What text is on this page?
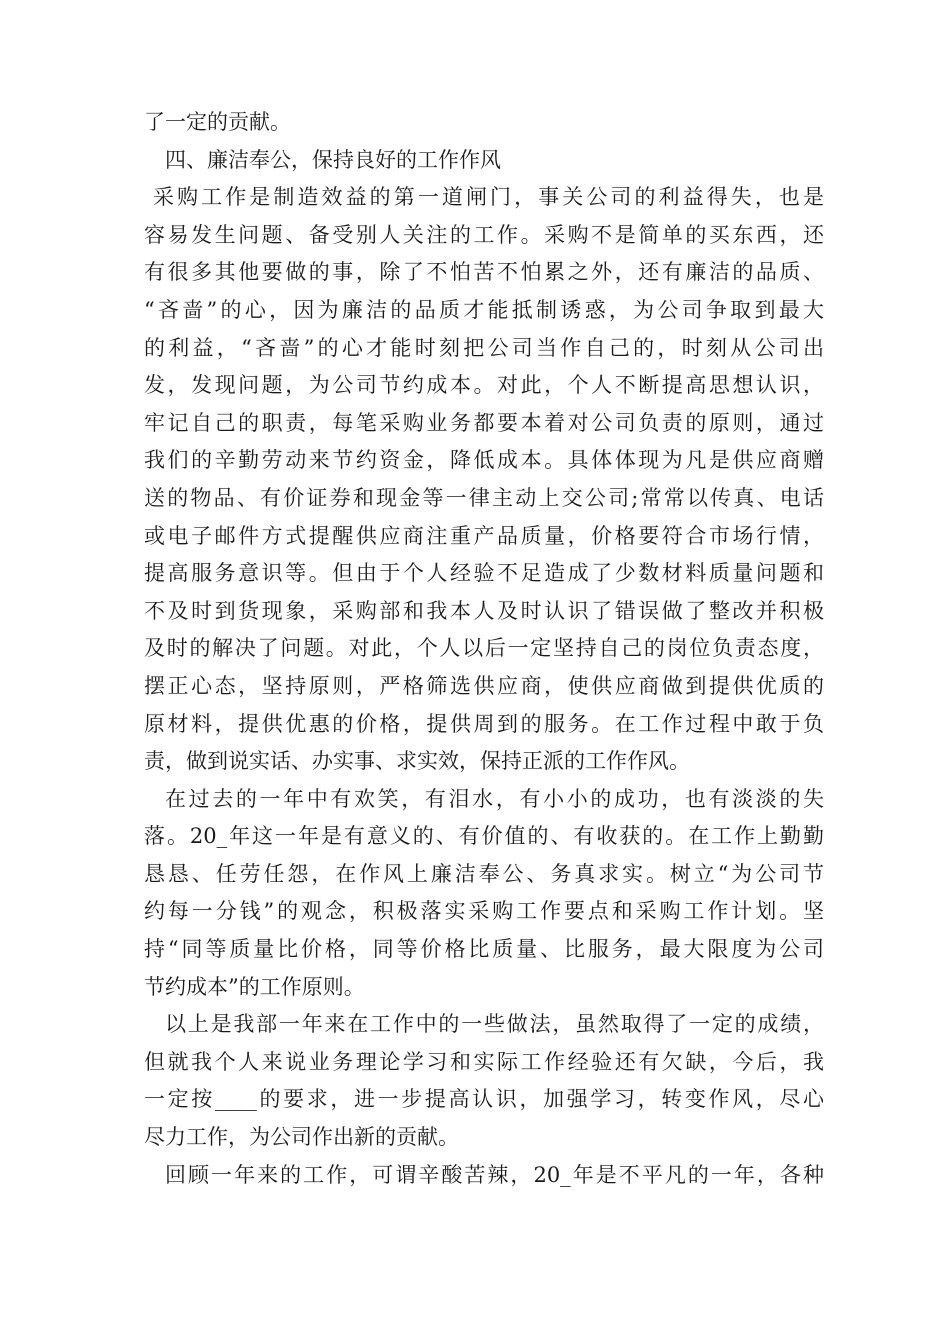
了一定的贡献。
四、廉洁奉公，保持良好的工作作风
采购工作是制造效益的第一道闸门，事关公司的利益得失，也是
容易发生问题、备受别人关注的工作。采购不是简单的买东西，还
有很多其他要做的事，除了不怕苦不怕累之外，还有廉洁的品质、
“吝啬”的心，因为廉洁的品质才能抵制诱惑，为公司争取到最大
的利益，“吝啬”的心才能时刻把公司当作自己的，时刻从公司出
发，发现问题，为公司节约成本。对此，个人不断提高思想认识，
牢记自己的职责，每笔采购业务都要本着对公司负责的原则，通过
我们的辛勤劳动来节约资金，降低成本。具体体现为凡是供应商赠
送的物品、有价证券和现金等一律主动上交公司;常常以传真、电话
或电子邮件方式提醒供应商注重产品质量，价格要符合市场行情，
提高服务意识等。但由于个人经验不足造成了少数材料质量问题和
不及时到货现象，采购部和我本人及时认识了错误做了整改并积极
及时的解决了问题。对此，个人以后一定坚持自己的岗位负责态度，
摆正心态，坚持原则，严格筛选供应商，使供应商做到提供优质的
原材料，提供优惠的价格，提供周到的服务。在工作过程中敢于负
责，做到说实话、办实事、求实效，保持正派的工作作风。
在过去的一年中有欢笑，有泪水，有小小的成功，也有淡淡的失
落。20_年这一年是有意义的、有价值的、有收获的。在工作上勤勤
恳恳、任劳任怨，在作风上廉洁奉公、务真求实。树立“为公司节
约每一分钱”的观念，积极落实采购工作要点和采购工作计划。坚
持“同等质量比价格，同等价格比质量、比服务，最大限度为公司
节约成本”的工作原则。
以上是我部一年来在工作中的一些做法，虽然取得了一定的成绩，
但就我个人来说业务理论学习和实际工作经验还有欠缺，今后，我
一定按____的要求，进一步提高认识，加强学习，转变作风，尽心
尽力工作，为公司作出新的贡献。
回顾一年来的工作，可谓辛酸苦辣，20_年是不平凡的一年，各种
